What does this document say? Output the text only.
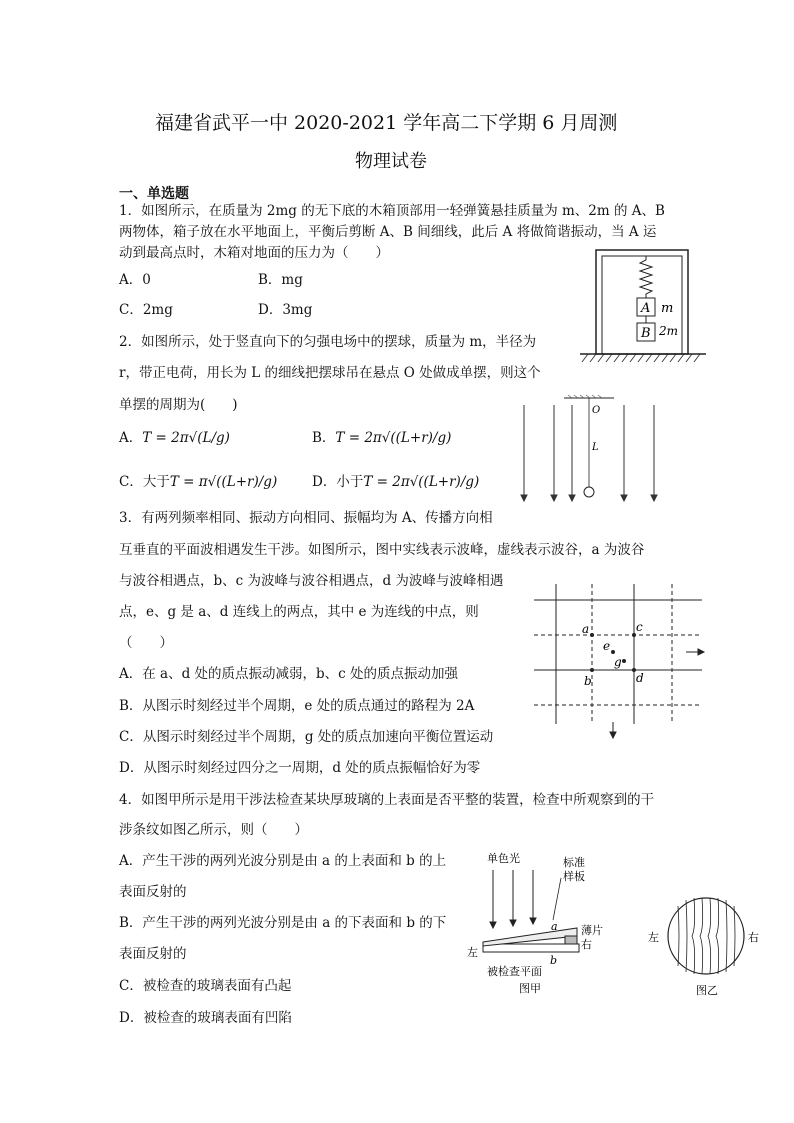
福建省武平一中 2020-2021 学年高二下学期 6 月周测
物理试卷
一、单选题
1．如图所示，在质量为 2mg 的无下底的木箱顶部用一轻弹簧悬挂质量为 m、2m 的 A、B
两物体，箱子放在水平地面上，平衡后剪断 A、B 间细线，此后 A 将做简谐振动，当 A 运
动到最高点时，木箱对地面的压力为（　　）
A．0	B．mg
C．2mg	D．3mg	A
B
m
2m
2．如图所示，处于竖直向下的匀强电场中的摆球，质量为 m，半径为
r，带正电荷，用长为 L 的细线把摆球吊在悬点 O 处做成单摆，则这个
单摆的周期为(　　)
A．T = 2π√(L/g)	B．T = 2π√((L+r)/g)
C．大于T = π√((L+r)/g)	D．小于T = 2π√((L+r)/g)
O
L
3．有两列频率相同、振动方向相同、振幅均为 A、传播方向相
互垂直的平面波相遇发生干涉。如图所示，图中实线表示波峰，虚线表示波谷，a 为波谷
与波谷相遇点，b、c 为波峰与波谷相遇点，d 为波峰与波峰相遇
点，e、g 是 a、d 连线上的两点，其中 e 为连线的中点，则
（　　）
A．在 a、d 处的质点振动减弱，b、c 处的质点振动加强
B．从图示时刻经过半个周期，e 处的质点通过的路程为 2A
C．从图示时刻经过半个周期，g 处的质点加速向平衡位置运动
D．从图示时刻经过四分之一周期，d 处的质点振幅恰好为零
a	c
b	d
e
g
4．如图甲所示是用干涉法检查某块厚玻璃的上表面是否平整的装置，检查中所观察到的干
涉条纹如图乙所示，则（　　）
A．产生干涉的两列光波分别是由 a 的上表面和 b 的上
表面反射的
B．产生干涉的两列光波分别是由 a 的下表面和 b 的下
表面反射的
C．被检查的玻璃表面有凸起
D．被检查的玻璃表面有凹陷
单色光	标准
样板
a 薄片
右
左
b
被检查平面
图甲
左	右
图乙
